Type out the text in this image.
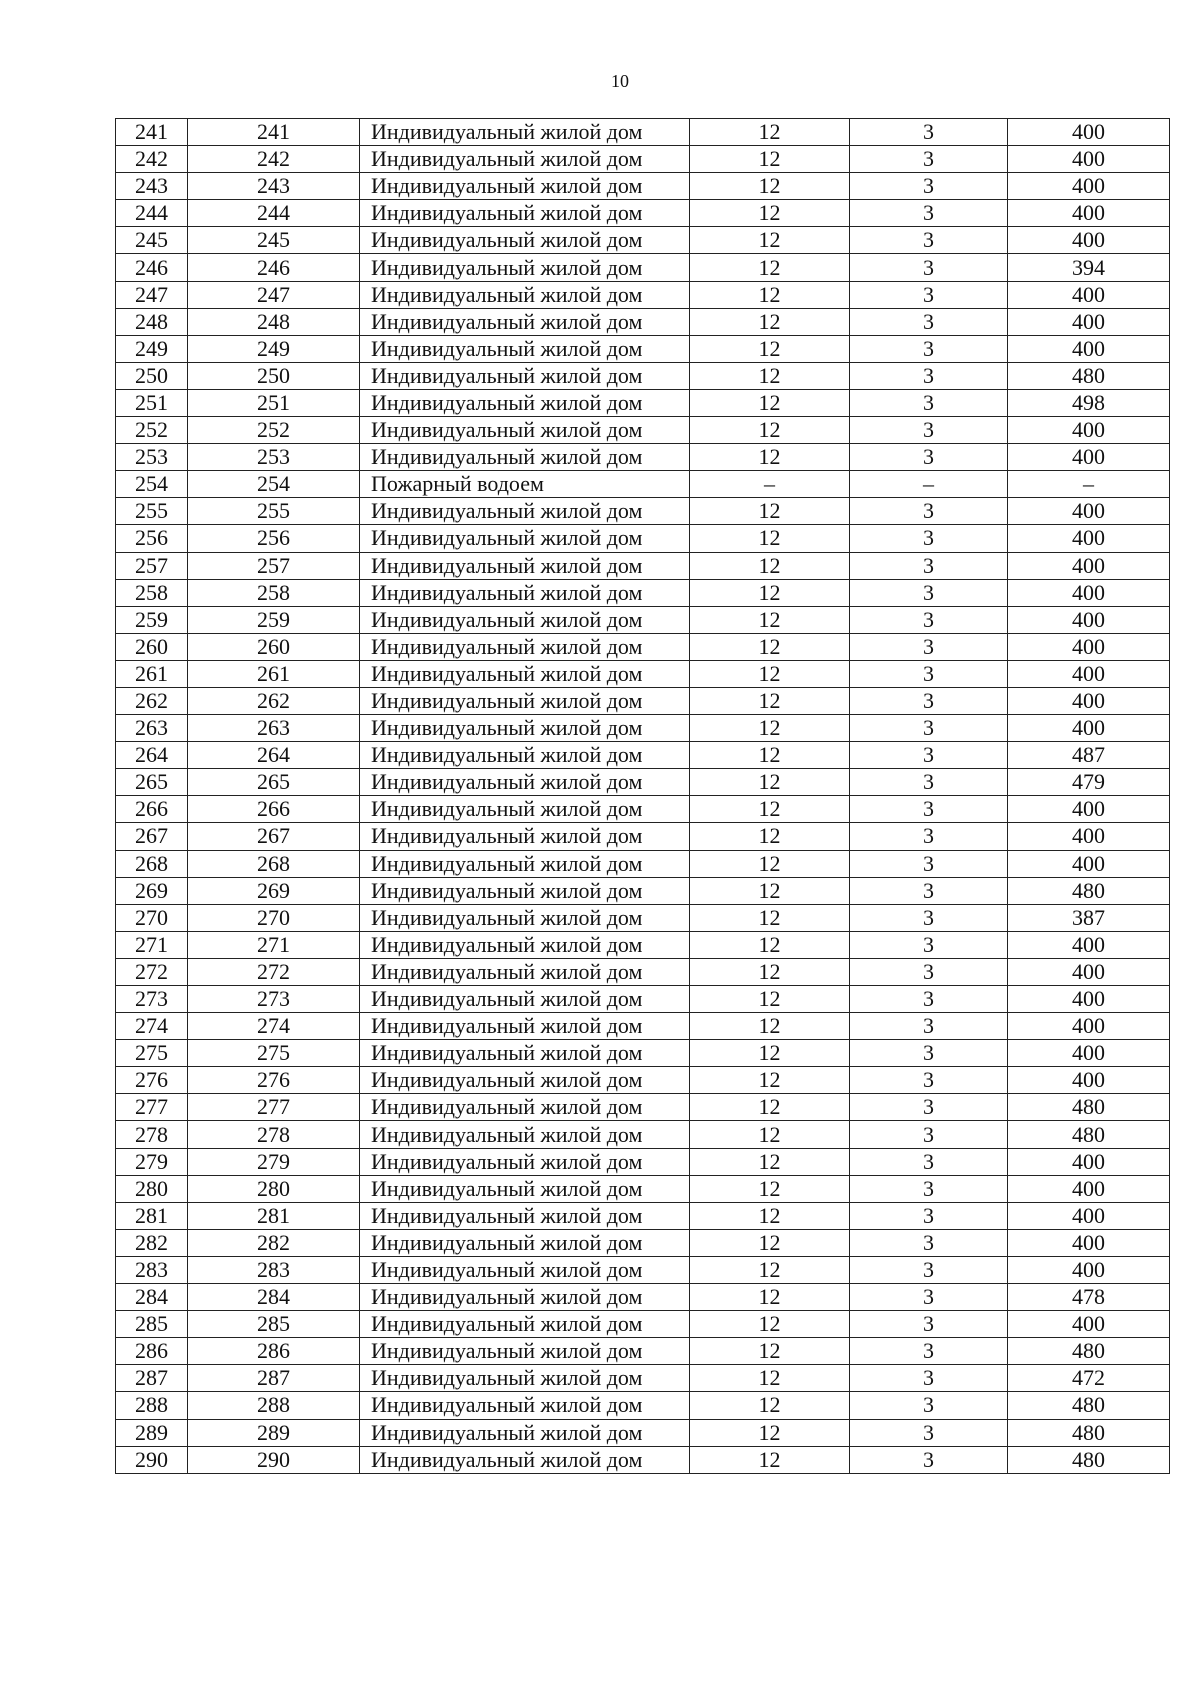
10
241	241	Индивидуальный жилой дом	12	3	400
242	242	Индивидуальный жилой дом	12	3	400
243	243	Индивидуальный жилой дом	12	3	400
244	244	Индивидуальный жилой дом	12	3	400
245	245	Индивидуальный жилой дом	12	3	400
246	246	Индивидуальный жилой дом	12	3	394
247	247	Индивидуальный жилой дом	12	3	400
248	248	Индивидуальный жилой дом	12	3	400
249	249	Индивидуальный жилой дом	12	3	400
250	250	Индивидуальный жилой дом	12	3	480
251	251	Индивидуальный жилой дом	12	3	498
252	252	Индивидуальный жилой дом	12	3	400
253	253	Индивидуальный жилой дом	12	3	400
254	254	Пожарный водоем	–	–	–
255	255	Индивидуальный жилой дом	12	3	400
256	256	Индивидуальный жилой дом	12	3	400
257	257	Индивидуальный жилой дом	12	3	400
258	258	Индивидуальный жилой дом	12	3	400
259	259	Индивидуальный жилой дом	12	3	400
260	260	Индивидуальный жилой дом	12	3	400
261	261	Индивидуальный жилой дом	12	3	400
262	262	Индивидуальный жилой дом	12	3	400
263	263	Индивидуальный жилой дом	12	3	400
264	264	Индивидуальный жилой дом	12	3	487
265	265	Индивидуальный жилой дом	12	3	479
266	266	Индивидуальный жилой дом	12	3	400
267	267	Индивидуальный жилой дом	12	3	400
268	268	Индивидуальный жилой дом	12	3	400
269	269	Индивидуальный жилой дом	12	3	480
270	270	Индивидуальный жилой дом	12	3	387
271	271	Индивидуальный жилой дом	12	3	400
272	272	Индивидуальный жилой дом	12	3	400
273	273	Индивидуальный жилой дом	12	3	400
274	274	Индивидуальный жилой дом	12	3	400
275	275	Индивидуальный жилой дом	12	3	400
276	276	Индивидуальный жилой дом	12	3	400
277	277	Индивидуальный жилой дом	12	3	480
278	278	Индивидуальный жилой дом	12	3	480
279	279	Индивидуальный жилой дом	12	3	400
280	280	Индивидуальный жилой дом	12	3	400
281	281	Индивидуальный жилой дом	12	3	400
282	282	Индивидуальный жилой дом	12	3	400
283	283	Индивидуальный жилой дом	12	3	400
284	284	Индивидуальный жилой дом	12	3	478
285	285	Индивидуальный жилой дом	12	3	400
286	286	Индивидуальный жилой дом	12	3	480
287	287	Индивидуальный жилой дом	12	3	472
288	288	Индивидуальный жилой дом	12	3	480
289	289	Индивидуальный жилой дом	12	3	480
290	290	Индивидуальный жилой дом	12	3	480
